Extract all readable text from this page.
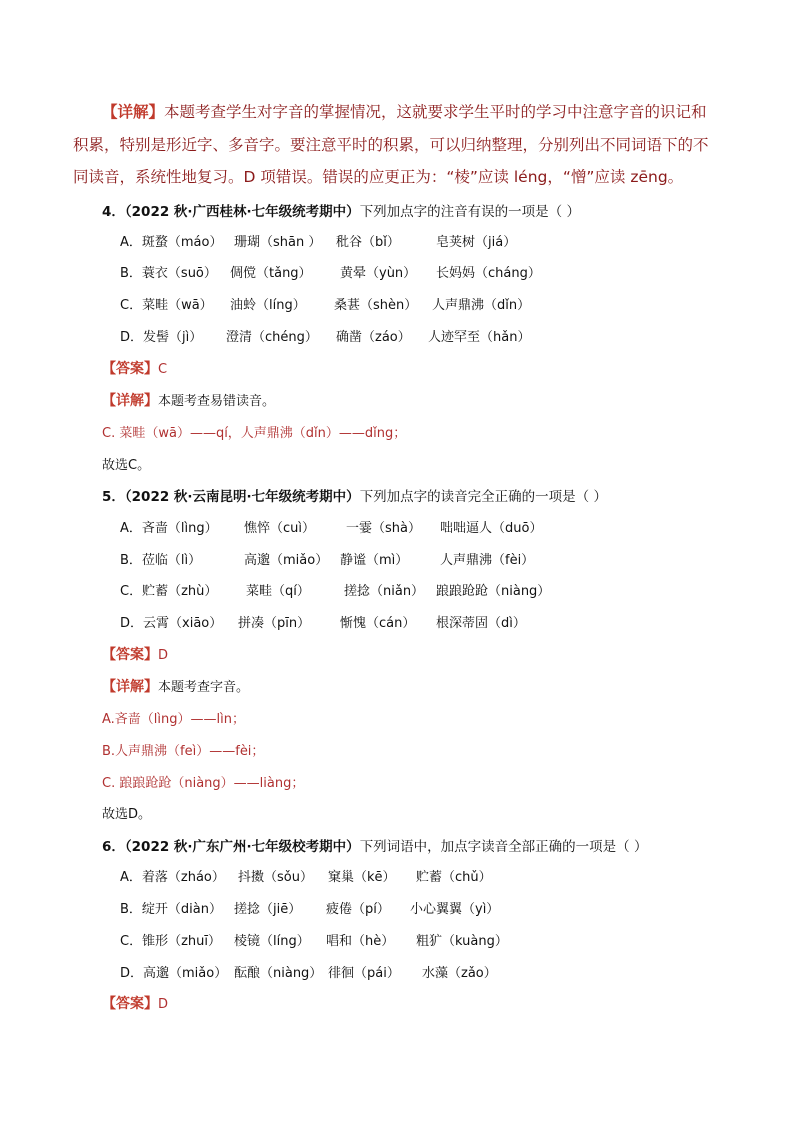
【详解】本题考查学生对字音的掌握情况，这就要求学生平时的学习中注意字音的识记和
积累，特别是形近字、多音字。要注意平时的积累，可以归纳整理，分别列出不同词语下的不
同读音，系统性地复习。D 项错误。错误的应更正为：“棱”应读 léng，“憎”应读 zēng。
4．（2022 秋·广西桂林·七年级统考期中）下列加点字的注音有误的一项是（ ）
A．斑蝥（máo） 珊瑚（shān ） 秕谷（bǐ）	皂荚树（jiá）
B．蓑衣（suō） 倜傥（tǎng） 黄晕（yùn） 长妈妈（cháng）
C．菜畦（wā） 油蛉（líng） 桑葚（shèn） 人声鼎沸（dǐn）
D．发髻（jì） 澄清（chéng） 确凿（záo） 人迹罕至（hǎn）
【答案】C
【详解】本题考查易错读音。
C. 菜畦（wā）——qí，人声鼎沸（dǐn）——dǐng；
故选C。
5．（2022 秋·云南昆明·七年级统考期中）下列加点字的读音完全正确的一项是（ ）
A．吝啬（lìng） 憔悴（cuì） 一霎（shà） 咄咄逼人（duō）
B．莅临（lì）	高邈（miǎo） 静谧（mì） 人声鼎沸（fèi）
C．贮蓄（zhù） 菜畦（qí）	搓捻（niǎn） 踉踉跄跄（niàng）
D．云霄（xiāo） 拼凑（pīn） 惭愧（cán） 根深蒂固（dì）
【答案】D
【详解】本题考查字音。
A.吝啬（lìng）——lìn；
B.人声鼎沸（feì）——fèi；
C. 踉踉跄跄（niàng）——liàng；
故选D。
6．（2022 秋·广东广州·七年级校考期中）下列词语中，加点字读音全部正确的一项是（ ）
A．着落（zháo） 抖擞（sǒu） 窠巢（kē） 贮蓄（chǔ）
B．绽开（diàn） 搓捻（jiē） 疲倦（pí） 小心翼翼（yì）
C．锥形（zhuī） 棱镜（líng） 唱和（hè） 粗犷（kuàng）
D．高邈（miǎo） 酝酿（niàng） 徘徊（pái） 水藻（zǎo）
【答案】D
